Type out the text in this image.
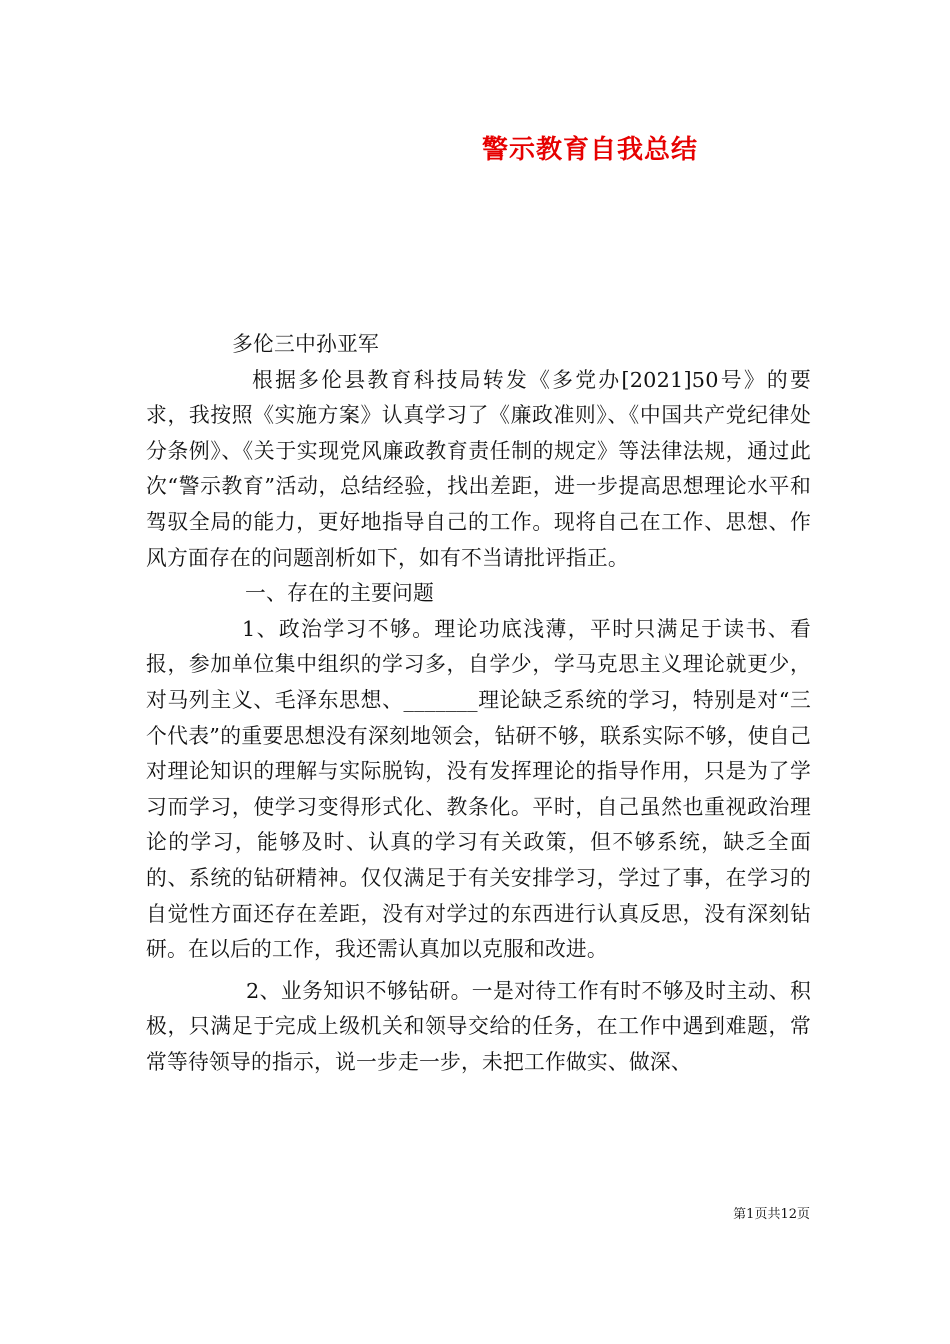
警示教育自我总结

多伦三中孙亚军

根据多伦县教育科技局转发《多党办[2021]50号》的要求，我按照《实施方案》认真学习了《廉政准则》、《中国共产党纪律处分条例》、《关于实现党风廉政教育责任制的规定》等法律法规，通过此次“警示教育”活动，总结经验，找出差距，进一步提高思想理论水平和驾驭全局的能力，更好地指导自己的工作。现将自己在工作、思想、作风方面存在的问题剖析如下，如有不当请批评指正。

一、存在的主要问题

1、政治学习不够。理论功底浅薄，平时只满足于读书、看报，参加单位集中组织的学习多，自学少，学马克思主义理论就更少，对马列主义、毛泽东思想、_______理论缺乏系统的学习，特别是对“三个代表”的重要思想没有深刻地领会，钻研不够，联系实际不够，使自己对理论知识的理解与实际脱钩，没有发挥理论的指导作用，只是为了学习而学习，使学习变得形式化、教条化。平时，自己虽然也重视政治理论的学习，能够及时、认真的学习有关政策，但不够系统，缺乏全面的、系统的钻研精神。仅仅满足于有关安排学习，学过了事，在学习的自觉性方面还存在差距，没有对学过的东西进行认真反思，没有深刻钻研。在以后的工作，我还需认真加以克服和改进。

2、业务知识不够钻研。一是对待工作有时不够及时主动、积极，只满足于完成上级机关和领导交给的任务，在工作中遇到难题，常常等待领导的指示，说一步走一步，未把工作做实、做深、

第1页共12页
